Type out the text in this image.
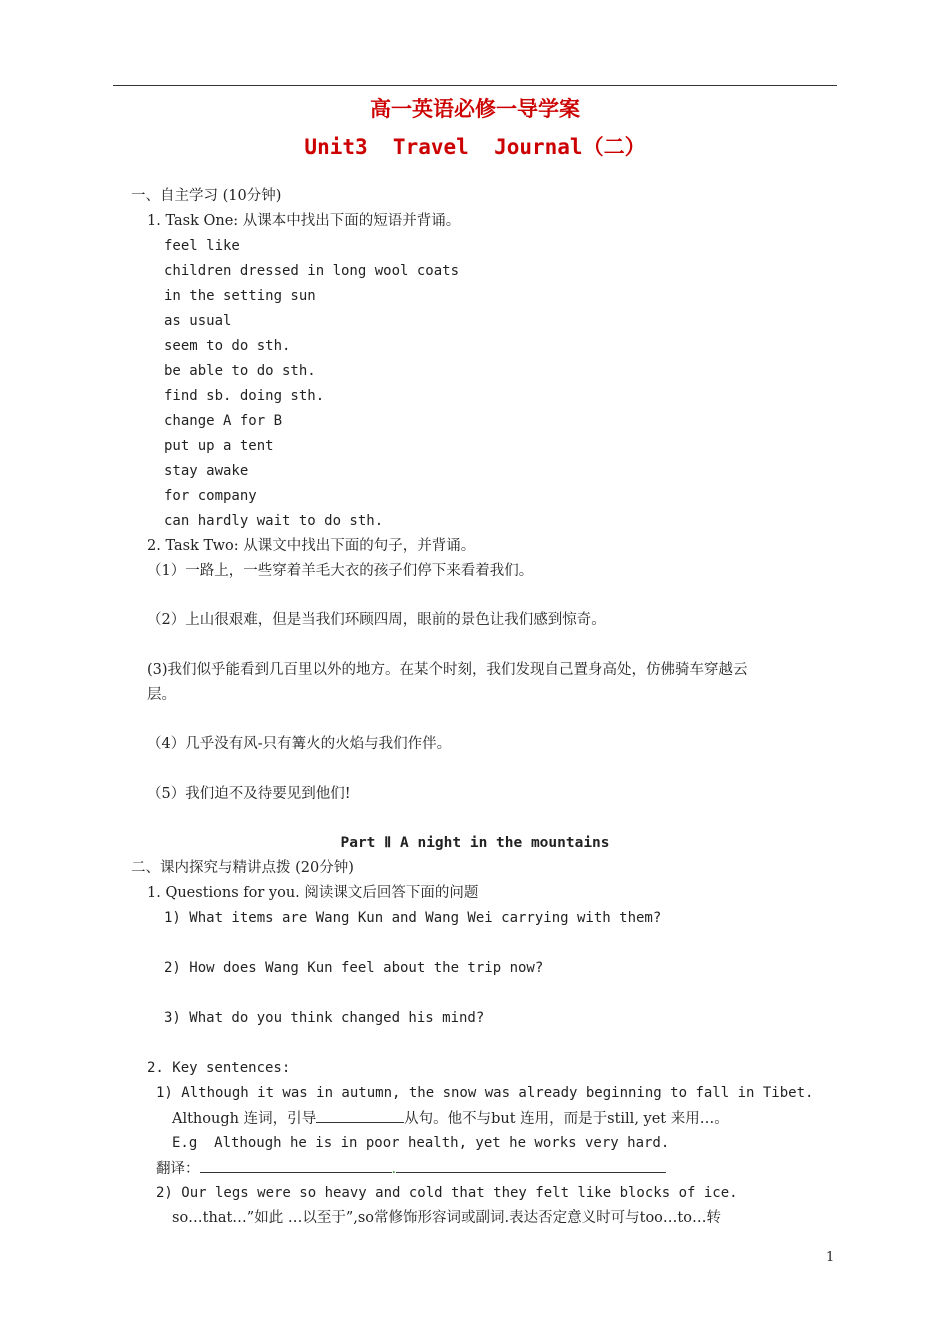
高一英语必修一导学案
Unit3  Travel  Journal（二）
一、自主学习 (10分钟)
1. Task One: 从课本中找出下面的短语并背诵。
feel like
children dressed in long wool coats
in the setting sun
as usual
seem to do sth.
be able to do sth.
find sb. doing sth.
change A for B
put up a tent
stay awake
for company
can hardly wait to do sth.
2. Task Two: 从课文中找出下面的句子，并背诵。
（1）一路上，一些穿着羊毛大衣的孩子们停下来看着我们。
（2）上山很艰难，但是当我们环顾四周，眼前的景色让我们感到惊奇。
(3)我们似乎能看到几百里以外的地方。在某个时刻，我们发现自己置身高处，仿佛骑车穿越云
层。
（4）几乎没有风-只有篝火的火焰与我们作伴。
（5）我们迫不及待要见到他们!
Part Ⅱ A night in the mountains
二、课内探究与精讲点拨 (20分钟)
1. Questions for you. 阅读课文后回答下面的问题
1) What items are Wang Kun and Wang Wei carrying with them?
2) How does Wang Kun feel about the trip now?
3) What do you think changed his mind?
2. Key sentences:
1) Although it was in autumn, the snow was already beginning to fall in Tibet.
Although 连词，引导	从句。他不与but 连用，而是于still, yet 来用…。
E.g  Although he is in poor health, yet he works very hard.
翻译：	.
2) Our legs were so heavy and cold that they felt like blocks of ice.
so…that…”如此 …以至于”,so常修饰形容词或副词.表达否定意义时可与too…to…转
1
